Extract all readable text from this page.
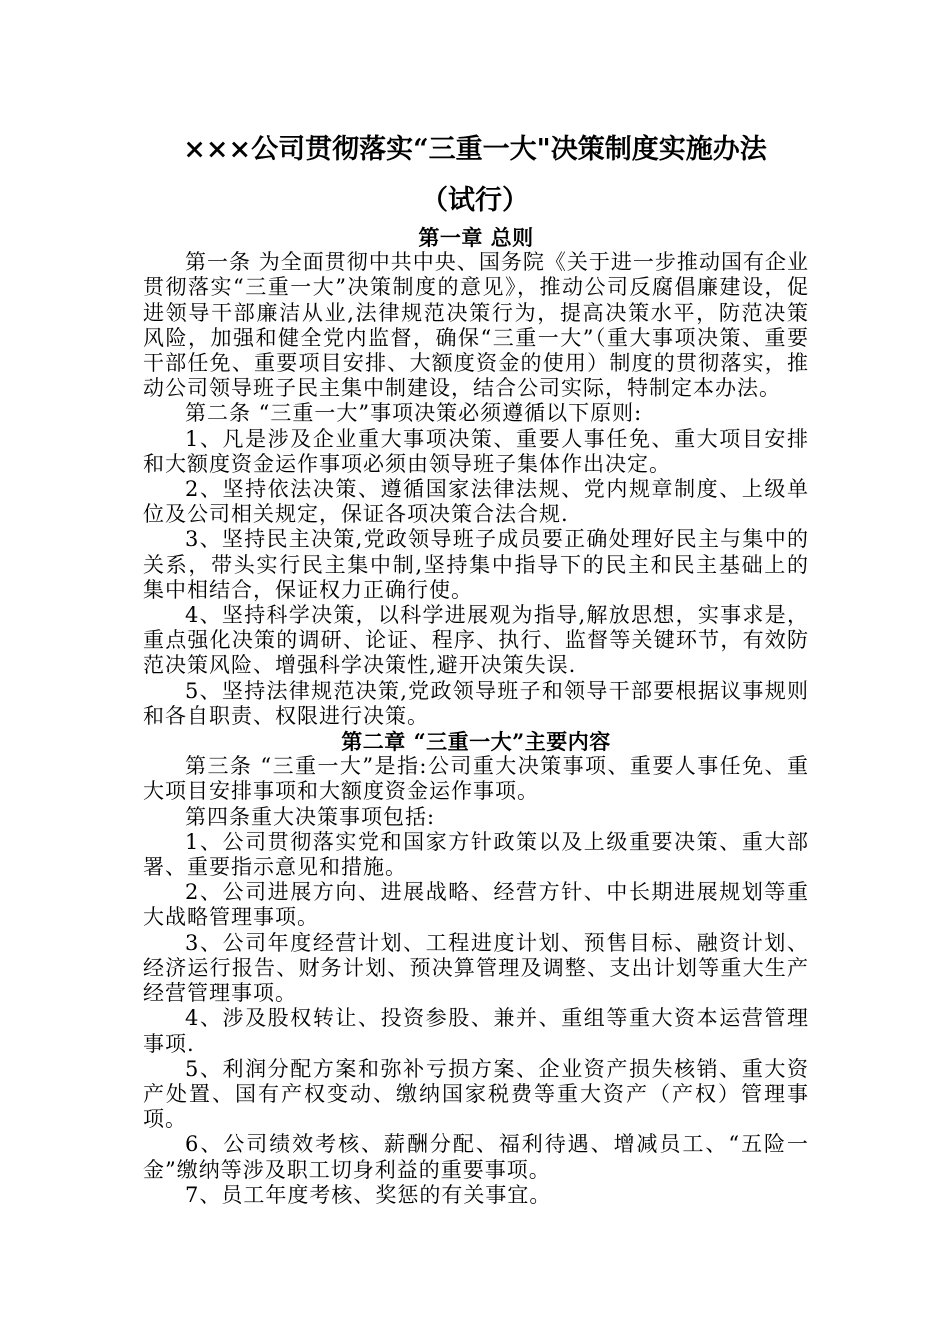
×××公司贯彻落实“三重一大"决策制度实施办法
（试行）
第一章 总则

第一条 为全面贯彻中共中央、国务院《关于进一步推动国有企业贯彻落实“三重一大”决策制度的意见》，推动公司反腐倡廉建设，促进领导干部廉洁从业,法律规范决策行为，提高决策水平，防范决策风险，加强和健全党内监督，确保“三重一大”（重大事项决策、重要干部任免、重要项目安排、大额度资金的使用）制度的贯彻落实，推动公司领导班子民主集中制建设，结合公司实际，特制定本办法。

第二条 “三重一大”事项决策必须遵循以下原则:

1、凡是涉及企业重大事项决策、重要人事任免、重大项目安排和大额度资金运作事项必须由领导班子集体作出决定。

2、坚持依法决策、遵循国家法律法规、党内规章制度、上级单位及公司相关规定，保证各项决策合法合规.

3、坚持民主决策,党政领导班子成员要正确处理好民主与集中的关系，带头实行民主集中制,坚持集中指导下的民主和民主基础上的集中相结合，保证权力正确行使。

4、坚持科学决策，以科学进展观为指导,解放思想，实事求是，重点强化决策的调研、论证、程序、执行、监督等关键环节，有效防范决策风险、增强科学决策性,避开决策失误.

5、坚持法律规范决策,党政领导班子和领导干部要根据议事规则和各自职责、权限进行决策。

第二章 “三重一大”主要内容

第三条 “三重一大”是指:公司重大决策事项、重要人事任免、重大项目安排事项和大额度资金运作事项。

第四条重大决策事项包括:

1、公司贯彻落实党和国家方针政策以及上级重要决策、重大部署、重要指示意见和措施。

2、公司进展方向、进展战略、经营方针、中长期进展规划等重大战略管理事项。

3、公司年度经营计划、工程进度计划、预售目标、融资计划、经济运行报告、财务计划、预决算管理及调整、支出计划等重大生产经营管理事项。

4、涉及股权转让、投资参股、兼并、重组等重大资本运营管理事项.

5、利润分配方案和弥补亏损方案、企业资产损失核销、重大资产处置、国有产权变动、缴纳国家税费等重大资产（产权）管理事项。

6、公司绩效考核、薪酬分配、福利待遇、增减员工、“五险一金”缴纳等涉及职工切身利益的重要事项。

7、员工年度考核、奖惩的有关事宜。
